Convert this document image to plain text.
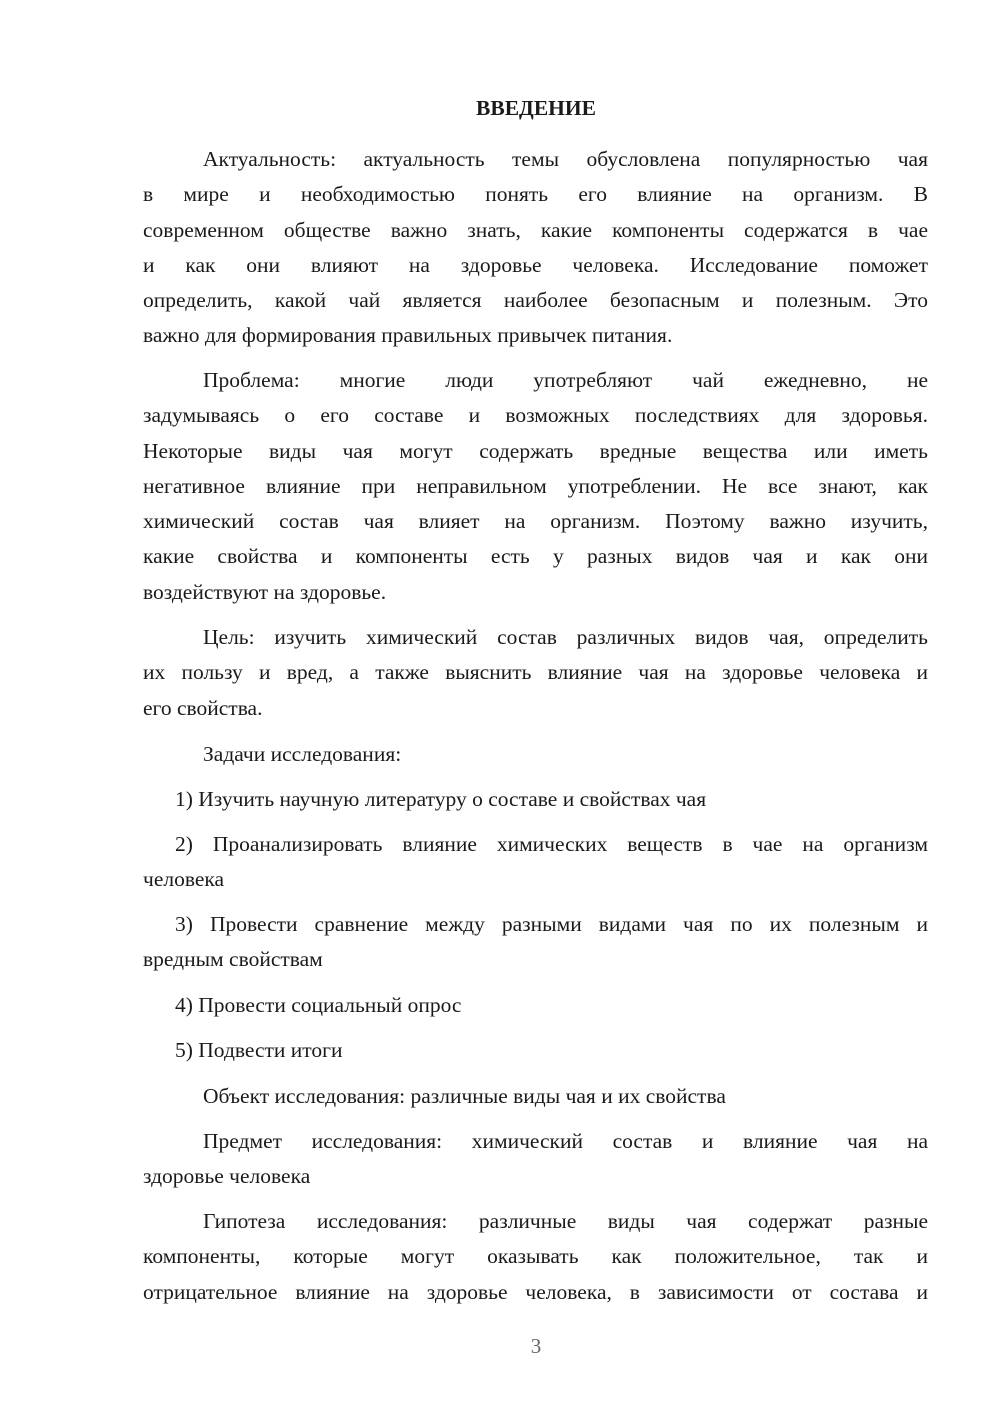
ВВЕДЕНИЕ
Актуальность: актуальность темы обусловлена популярностью чая
в мире и необходимостью понять его влияние на организм. В
современном обществе важно знать, какие компоненты содержатся в чае
и как они влияют на здоровье человека. Исследование поможет
определить, какой чай является наиболее безопасным и полезным. Это
важно для формирования правильных привычек питания.
Проблема: многие люди употребляют чай ежедневно, не
задумываясь о его составе и возможных последствиях для здоровья.
Некоторые виды чая могут содержать вредные вещества или иметь
негативное влияние при неправильном употреблении. Не все знают, как
химический состав чая влияет на организм. Поэтому важно изучить,
какие свойства и компоненты есть у разных видов чая и как они
воздействуют на здоровье.
Цель: изучить химический состав различных видов чая, определить
их пользу и вред, а также выяснить влияние чая на здоровье человека и
его свойства.
Задачи исследования:
1) Изучить научную литературу о составе и свойствах чая
2) Проанализировать влияние химических веществ в чае на организм
человека
3) Провести сравнение между разными видами чая по их полезным и
вредным свойствам
4) Провести социальный опрос
5) Подвести итоги
Объект исследования: различные виды чая и их свойства
Предмет исследования: химический состав и влияние чая на
здоровье человека
Гипотеза исследования: различные виды чая содержат разные
компоненты, которые могут оказывать как положительное, так и
отрицательное влияние на здоровье человека, в зависимости от состава и
3
